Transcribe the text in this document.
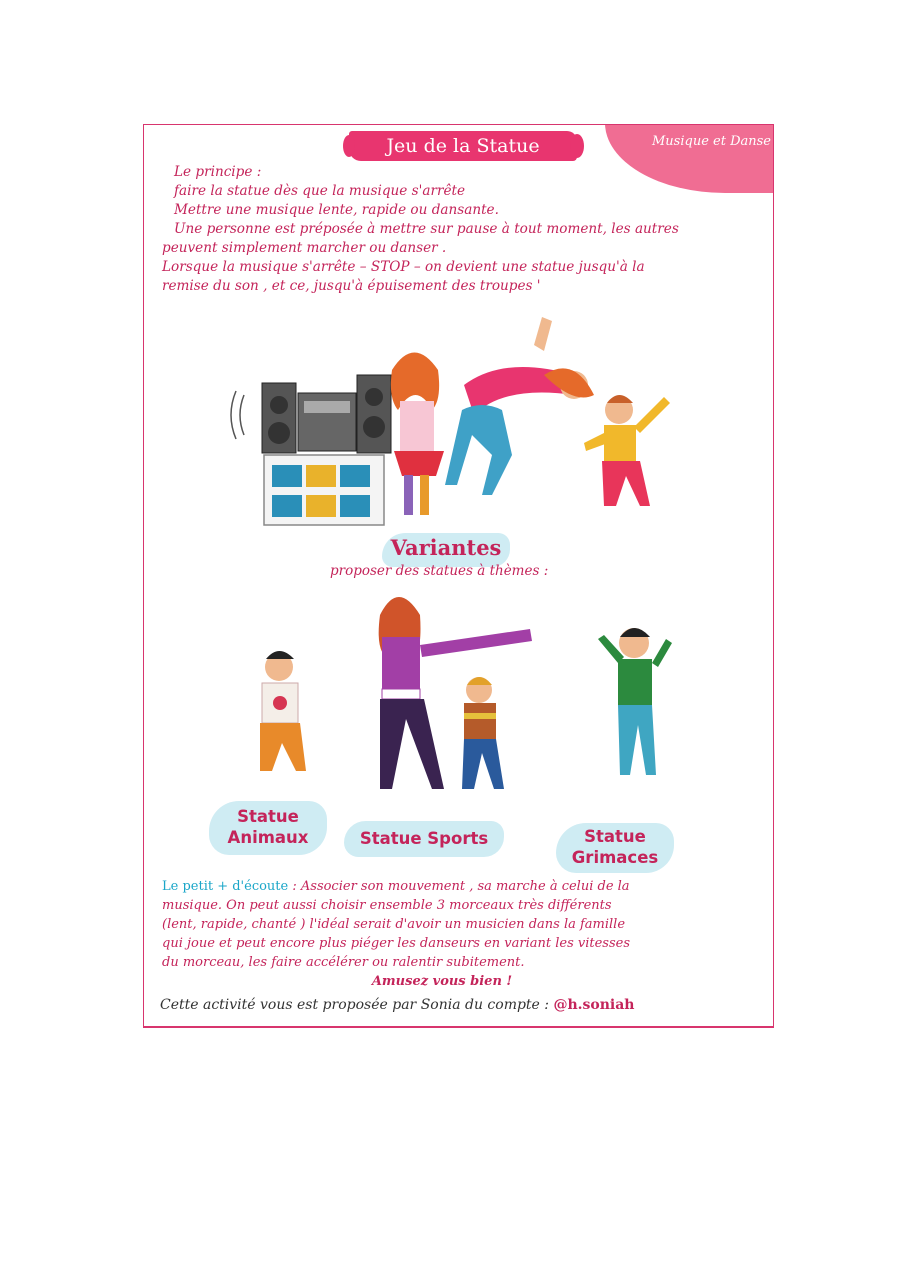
Musique et Danse
Jeu de la Statue

Le principe :

faire la statue dès que la musique s'arrête

Mettre une musique lente, rapide ou dansante.

Une personne est préposée à mettre sur pause à tout moment, les autres

peuvent simplement marcher ou danser .

Lorsque la musique s'arrête – STOP – on devient une statue jusqu'à la

remise du son , et ce, jusqu'à épuisement des troupes '

Variantes
proposer des statues à thèmes :
Statue
Animaux	Statue Sports	Statue
Grimaces
Le petit + d'écoute : Associer son mouvement , sa marche à celui de la
musique. On peut aussi choisir ensemble 3 morceaux très différents
(lent, rapide, chanté ) l'idéal serait d'avoir un musicien dans la famille
qui joue et peut encore plus piéger les danseurs en variant les vitesses
du morceau, les faire accélérer ou ralentir subitement.
Amusez vous bien !
Cette activité vous est proposée par Sonia du compte : @h.soniah
